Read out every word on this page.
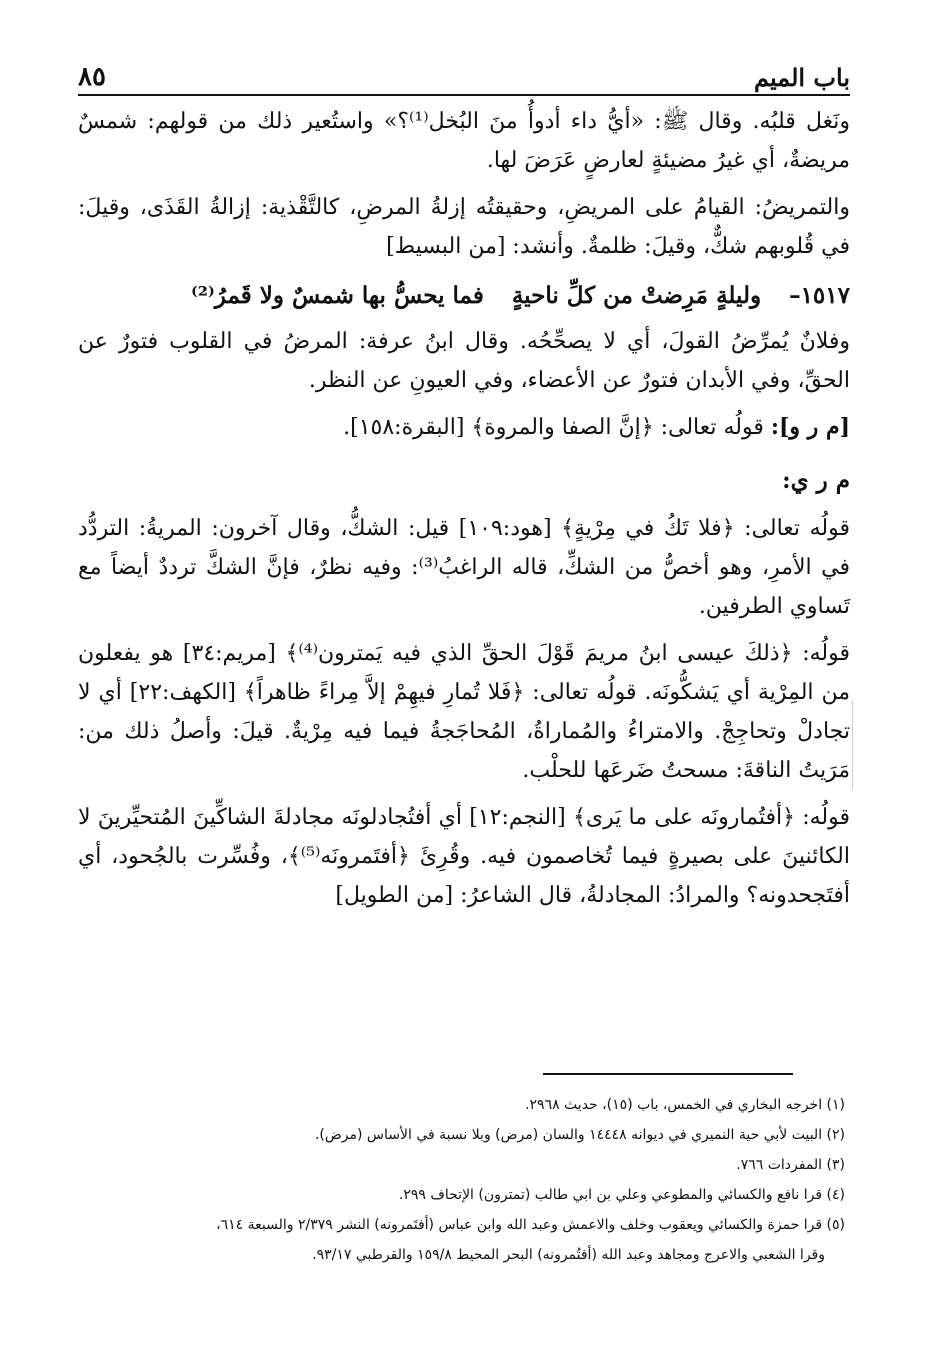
باب الميم
٨٥

ونَغل قلبُه. وقال ﷺ: «أيُّ داء أدوأُ منَ البُخل⁽¹⁾؟» واستُعير ذلك من قولهم: شمسٌ مريضةٌ، أي غيرُ مضيئةٍ لعارضٍ عَرَضَ لها.

والتمريضُ: القيامُ على المريضِ، وحقيقتُه إزلةُ المرضِ، كالتَّقْذية: إزالةُ القَذَى، وقيلَ: في قُلوبهم شكٌّ، وقيلَ: ظلمةٌ. وأنشد: [من البسيط]

١٥١٧–
وليلةٍ مَرِضتْ من كلِّ ناحيةٍ
فما يحسُّ بها شمسٌ ولا قَمرُ⁽²⁾

وفلانٌ يُمرِّضُ القولَ، أي لا يصحِّحُه. وقال ابنُ عرفة: المرضُ في القلوب فتورٌ عن الحقِّ، وفي الأبدان فتورٌ عن الأعضاء، وفي العيونِ عن النظر.

[م ر و]: قولُه تعالى: ﴿إنَّ الصفا والمروة﴾ [البقرة:١٥٨].

م ر ي:

قولُه تعالى: ﴿فلا تَكُ في مِرْيةٍ﴾ [هود:١٠٩] قيل: الشكُّ، وقال آخرون: المريةُ: التردُّد في الأمرِ، وهو أخصُّ من الشكِّ، قاله الراغبُ⁽³⁾: وفيه نظرٌ، فإنَّ الشكَّ ترددٌ أيضاً مع تَساوي الطرفين.

قولُه: ﴿ذلكَ عيسى ابنُ مريمَ قَوْلَ الحقِّ الذي فيه يَمترون⁽⁴⁾﴾ [مريم:٣٤] هو يفعلون من المِرْية أي يَشكُّونَه. قولُه تعالى: ﴿فَلا تُمارِ فيهِمْ إلاَّ مِراءً ظاهراً﴾ [الكهف:٢٢] أي لا تجادلْ وتحاجِجْ. والامتراءُ والمُماراةُ، المُحاجَجةُ فيما فيه مِرْيةٌ. قيلَ: وأصلُ ذلك من: مَرَيتُ الناقةَ: مسحتُ ضَرعَها للحلْب.

قولُه: ﴿أفتُمارونَه على ما يَرى﴾ [النجم:١٢] أي أفتُجادلونَه مجادلةَ الشاكِّينَ المُتحيِّرينَ لا الكائنينَ على بصيرةٍ فيما تُخاصمون فيه. وقُرِئَ ﴿أفتَمرونَه⁽⁵⁾﴾، وفُسِّرت بالجُحود، أي أفتَجحدونه؟ والمرادُ: المجادلةُ، قال الشاعرُ: [من الطويل]

(١) اخرجه البخاري في الخمس، باب (١٥)، حديث ٢٩٦٨.

(٢) البيت لأبي حية النميري في ديوانه ١٤٤٤٨ والسان (مرض) وبلا نسبة في الأساس (مرض).

(٣) المفردات ٧٦٦.

(٤) قرا نافع والكسائي والمطوعي وعلي بن ابي طالب (تمترون) الإتحاف ٢٩٩.

(٥) قرا حمزة والكسائي ويعقوب وخلف والاعمش وعبد الله وابن عباس (أفتَمرونه) النشر ٢/٣٧٩ والسبعة ٦١٤،

وقرا الشعبي والاعرج ومجاهد وعبد الله (أفتُمرونه) البحر المحيط ١٥٩/٨ والقرطبي ٩٣/١٧.
